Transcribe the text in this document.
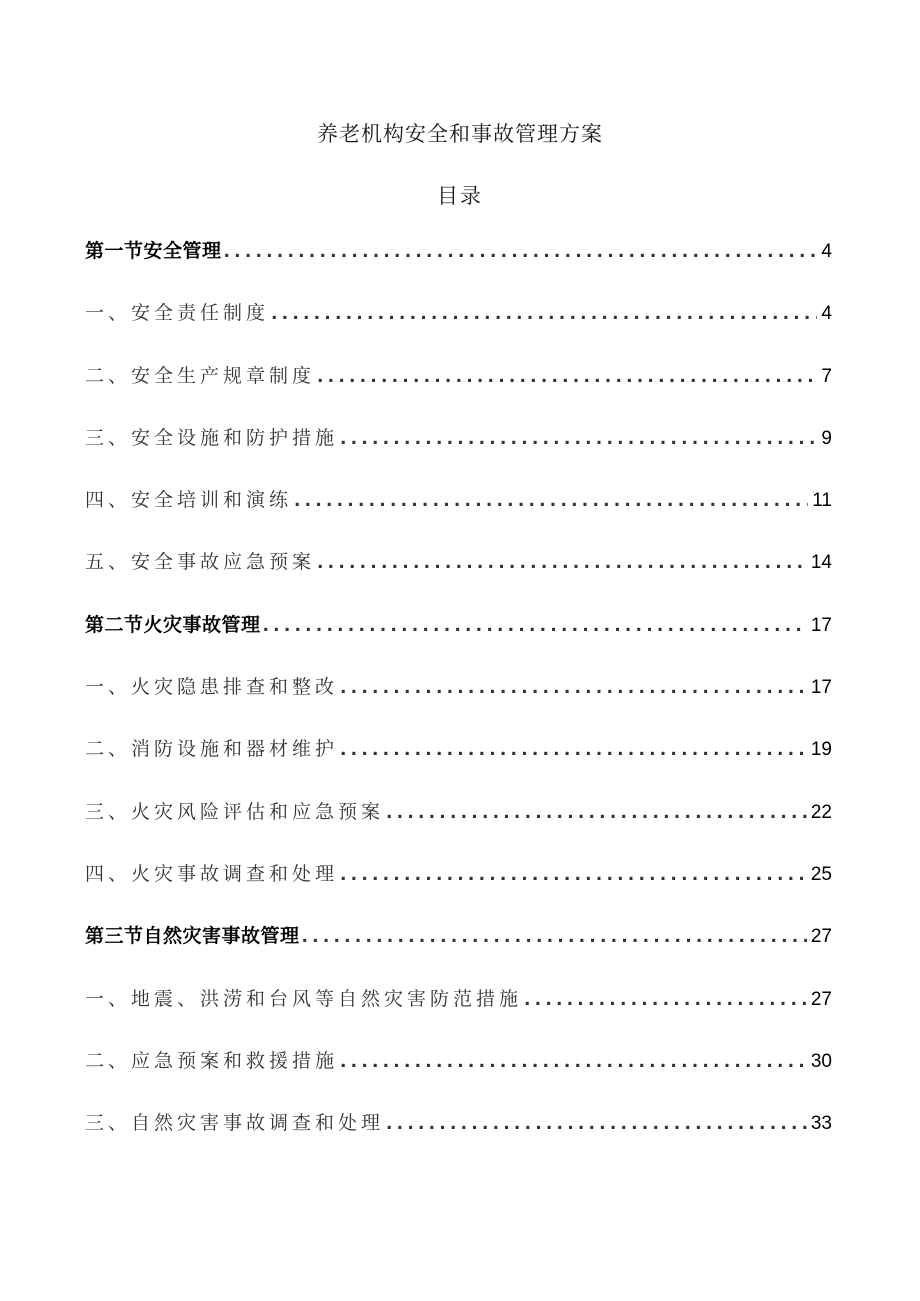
养老机构安全和事故管理方案
目录
第一节安全管理 .....	4
一、安全责任制度 .....	4
二、安全生产规章制度 .....	7
三、安全设施和防护措施 .....	9
四、安全培训和演练 .....	11
五、安全事故应急预案 .....	14
第二节火灾事故管理 .....	17
一、火灾隐患排查和整改 .....	17
二、消防设施和器材维护 .....	19
三、火灾风险评估和应急预案 .....	22
四、火灾事故调查和处理 .....	25
第三节自然灾害事故管理 .....	27
一、地震、洪涝和台风等自然灾害防范措施 .....	27
二、应急预案和救援措施 .....	30
三、自然灾害事故调查和处理 .....	33
